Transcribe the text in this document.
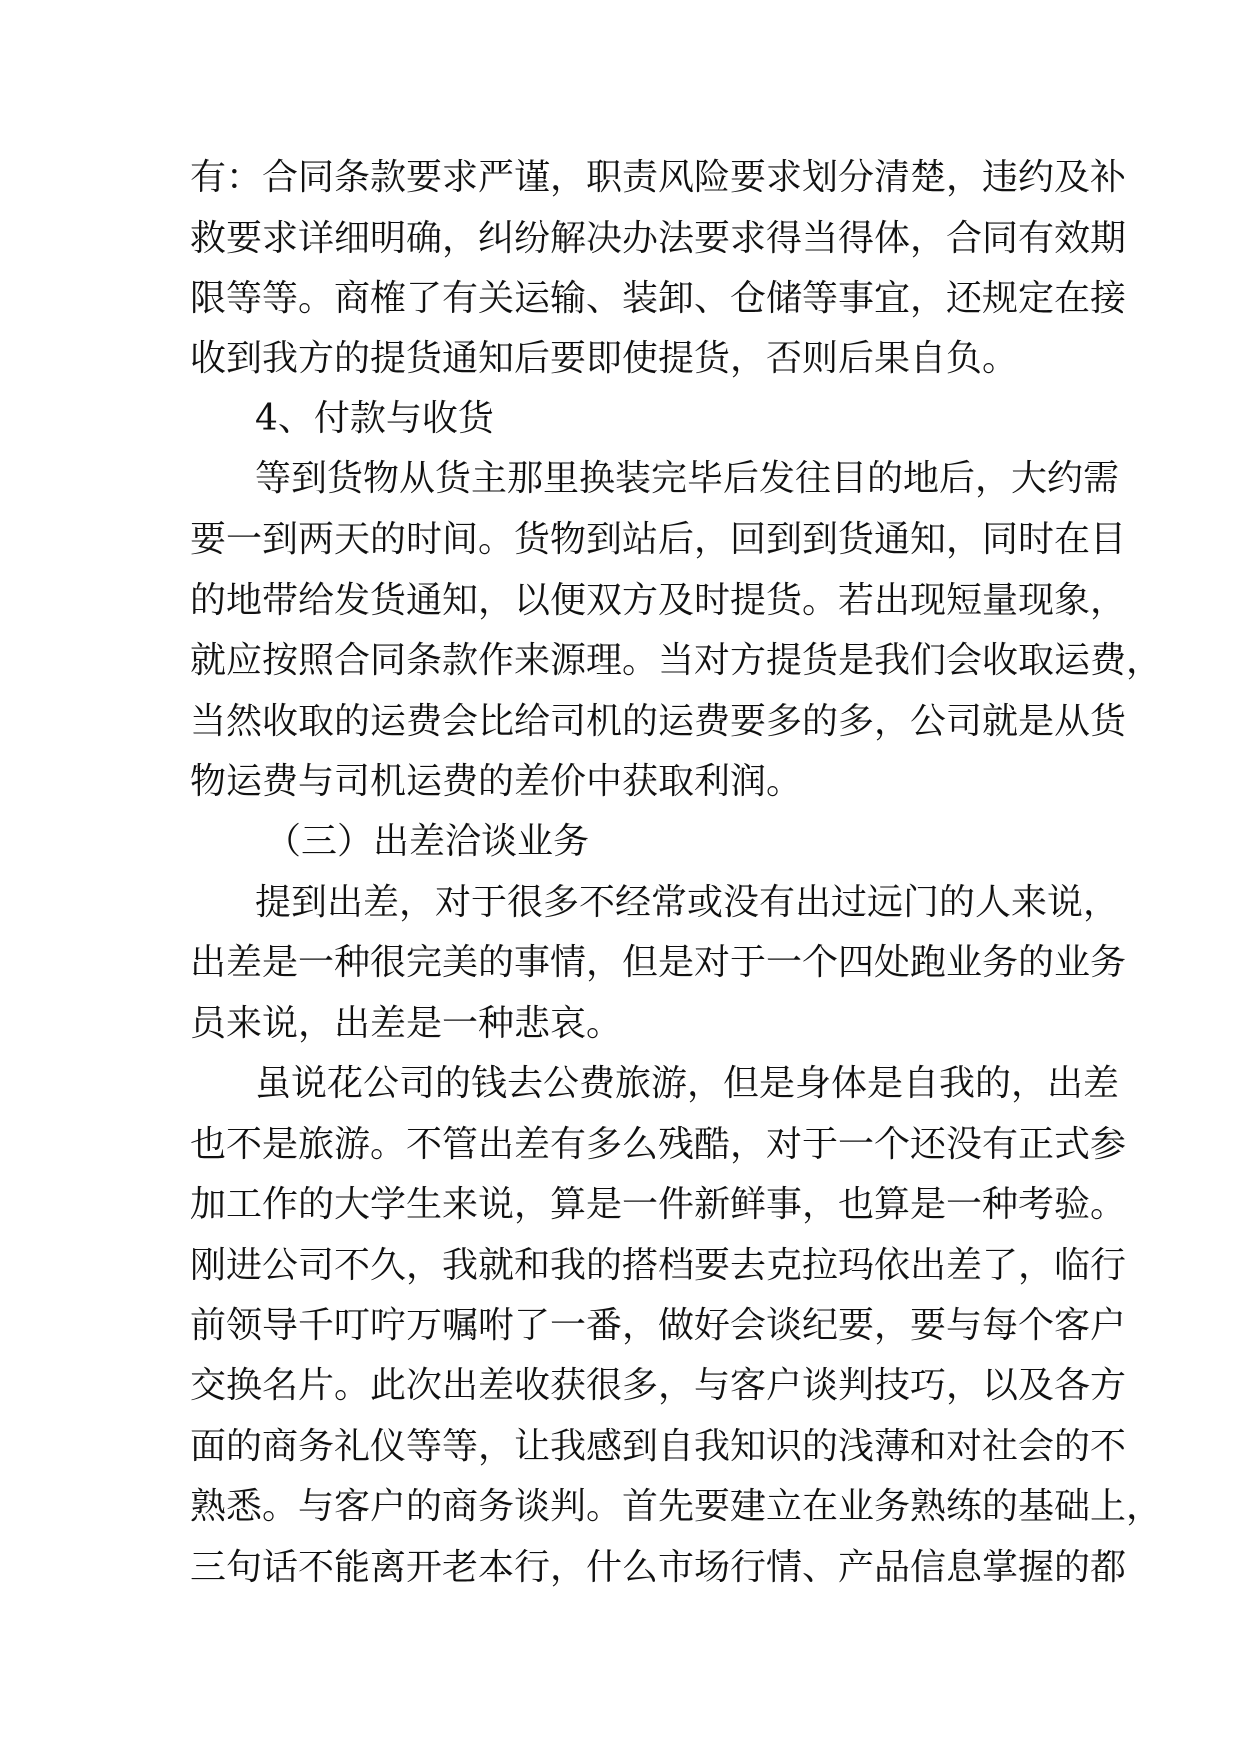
有：合同条款要求严谨，职责风险要求划分清楚，违约及补
救要求详细明确，纠纷解决办法要求得当得体，合同有效期
限等等。商榷了有关运输、装卸、仓储等事宜，还规定在接
收到我方的提货通知后要即使提货，否则后果自负。
4、付款与收货
等到货物从货主那里换装完毕后发往目的地后，大约需
要一到两天的时间。货物到站后，回到到货通知，同时在目
的地带给发货通知，以便双方及时提货。若出现短量现象，
就应按照合同条款作来源理。当对方提货是我们会收取运费，
当然收取的运费会比给司机的运费要多的多，公司就是从货
物运费与司机运费的差价中获取利润。
（三）出差洽谈业务
提到出差，对于很多不经常或没有出过远门的人来说，
出差是一种很完美的事情，但是对于一个四处跑业务的业务
员来说，出差是一种悲哀。
虽说花公司的钱去公费旅游，但是身体是自我的，出差
也不是旅游。不管出差有多么残酷，对于一个还没有正式参
加工作的大学生来说，算是一件新鲜事，也算是一种考验。
刚进公司不久，我就和我的搭档要去克拉玛依出差了，临行
前领导千叮咛万嘱咐了一番，做好会谈纪要，要与每个客户
交换名片。此次出差收获很多，与客户谈判技巧，以及各方
面的商务礼仪等等，让我感到自我知识的浅薄和对社会的不
熟悉。与客户的商务谈判。首先要建立在业务熟练的基础上，
三句话不能离开老本行，什么市场行情、产品信息掌握的都
